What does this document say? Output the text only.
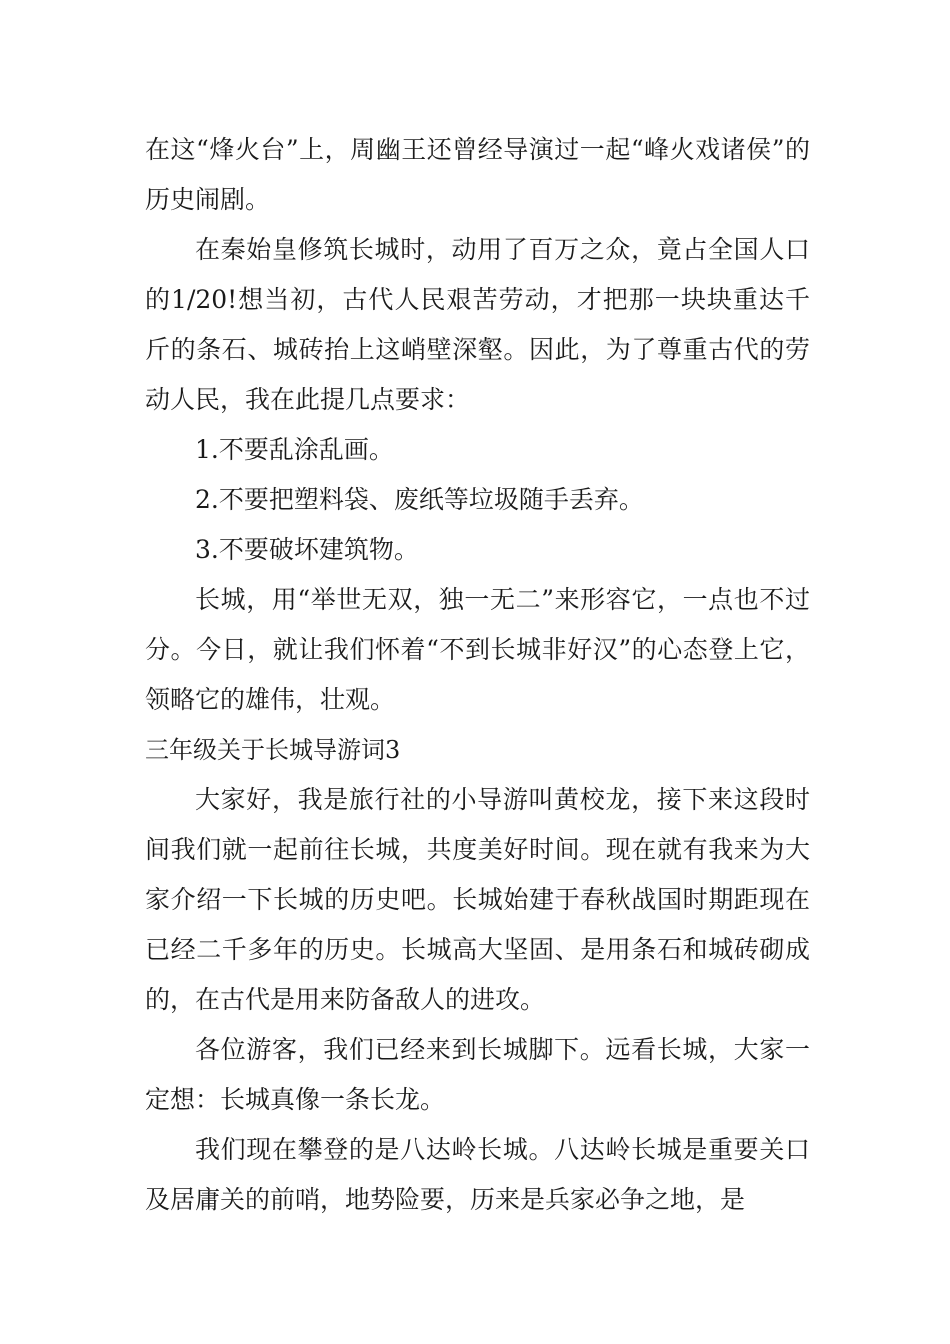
在这“烽火台”上，周幽王还曾经导演过一起“峰火戏诸侯”的历史闹剧。

在秦始皇修筑长城时，动用了百万之众，竟占全国人口的1/20!想当初，古代人民艰苦劳动，才把那一块块重达千斤的条石、城砖抬上这峭壁深壑。因此，为了尊重古代的劳动人民，我在此提几点要求：

1.不要乱涂乱画。

2.不要把塑料袋、废纸等垃圾随手丢弃。

3.不要破坏建筑物。

长城，用“举世无双，独一无二”来形容它，一点也不过分。今日，就让我们怀着“不到长城非好汉”的心态登上它，领略它的雄伟，壮观。

三年级关于长城导游词3

大家好，我是旅行社的小导游叫黄校龙，接下来这段时间我们就一起前往长城，共度美好时间。现在就有我来为大家介绍一下长城的历史吧。长城始建于春秋战国时期距现在已经二千多年的历史。长城高大坚固、是用条石和城砖砌成的，在古代是用来防备敌人的进攻。

各位游客，我们已经来到长城脚下。远看长城，大家一定想：长城真像一条长龙。

我们现在攀登的是八达岭长城。八达岭长城是重要关口及居庸关的前哨，地势险要，历来是兵家必争之地，是
